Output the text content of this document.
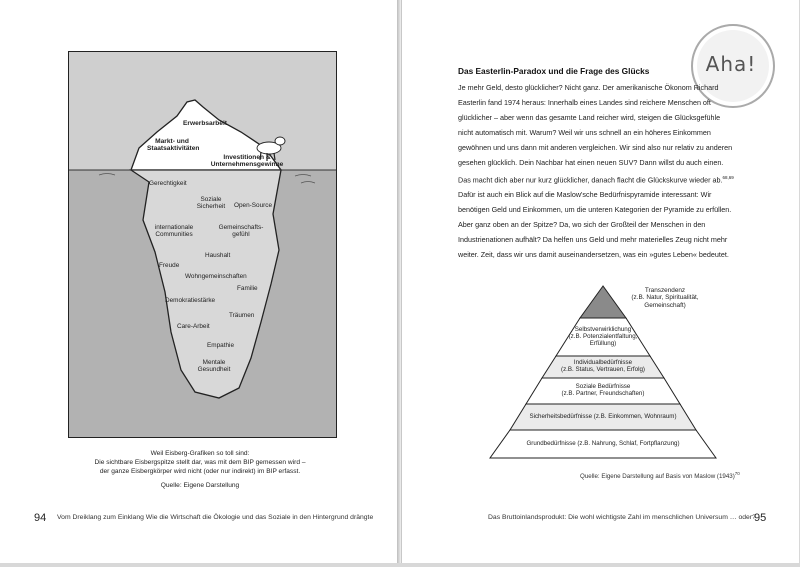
Erwerbsarbeit
Markt- und Staatsaktivitäten
Investitionen & Unternehmensgewinne
Gerechtigkeit
Soziale Sicherheit	Open-Source
internationale Communities
Gemeinschafts-gefühl
Haushalt
Freude
Wohngemeinschaften
Familie
Demokratiestärke
Träumen
Care-Arbeit
Empathie
Mentale Gesundheit
Weil Eisberg-Grafiken so toll sind:
Die sichtbare Eisbergspitze stellt dar, was mit dem BIP gemessen wird –
der ganze Eisbergkörper wird nicht (oder nur indirekt) im BIP erfasst.
Quelle: Eigene Darstellung
94 Vom Dreiklang zum Einklang Wie die Wirtschaft die Ökologie und das Soziale in den Hintergrund drängte
Aha!
Das Easterlin-Paradox und die Frage des Glücks

Je mehr Geld, desto glücklicher? Nicht ganz. Der amerikanische Ökonom Richard Easterlin fand 1974 heraus: Innerhalb eines Landes sind reichere Menschen oft glücklicher – aber wenn das gesamte Land reicher wird, steigen die Glücksgefühle nicht automatisch mit. Warum? Weil wir uns schnell an ein höheres Einkommen gewöhnen und uns dann mit anderen vergleichen. Wir sind also nur relativ zu anderen gesehen glücklich. Dein Nachbar hat einen neuen SUV? Dann willst du auch einen. Das macht dich aber nur kurz glücklicher, danach flacht die Glückskurve wieder ab.$^{68,69}$

Dafür ist auch ein Blick auf die Maslow'sche Bedürfnispyramide interessant: Wir benötigen Geld und Einkommen, um die unteren Kategorien der Pyramide zu erfüllen. Aber ganz oben an der Spitze? Da, wo sich der Großteil der Menschen in den Industrienationen aufhält? Da helfen uns Geld und mehr materielles Zeug nicht mehr weiter. Zeit, dass wir uns damit auseinandersetzen, was ein »gutes Leben« bedeutet.

Transzendenz
(z.B. Natur, Spiritualität, Gemeinschaft)
Selbstverwirklichung
(z.B. Potenzialentfaltung, Erfüllung)
Individualbedürfnisse
(z.B. Status, Vertrauen, Erfolg)
Soziale Bedürfnisse
(z.B. Partner, Freundschaften)
Sicherheitsbedürfnisse (z.B. Einkommen, Wohnraum)
Grundbedürfnisse (z.B. Nahrung, Schlaf, Fortpflanzung)
Quelle: Eigene Darstellung auf Basis von Maslow $(1943)^{70}$
Das Bruttoinlandsprodukt: Die wohl wichtigste Zahl im menschlichen Universum … oder?
95
